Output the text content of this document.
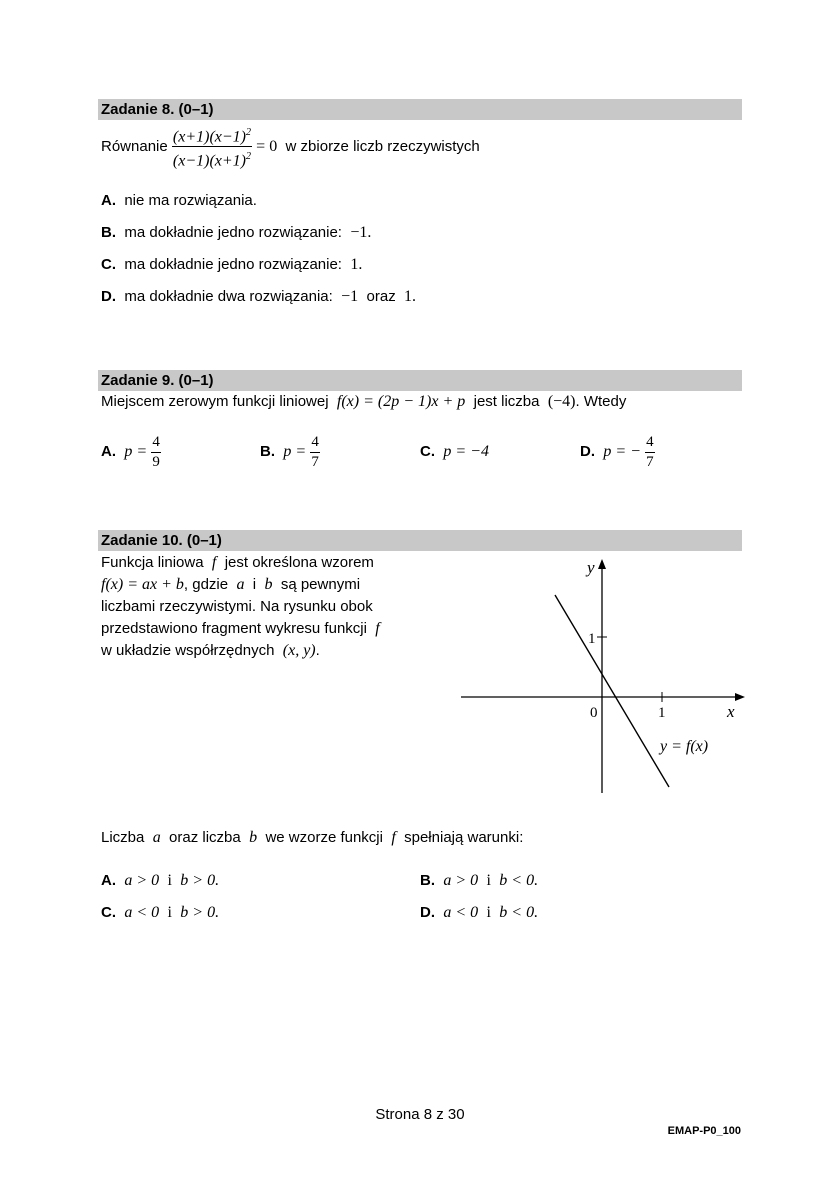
Zadanie 8. (0–1)
Równanie $\frac{(x+1)(x-1)^2}{(x-1)(x+1)^2} = 0$ w zbiorze liczb rzeczywistych
A. nie ma rozwiązania.
B. ma dokładnie jedno rozwiązanie: −1.
C. ma dokładnie jedno rozwiązanie: 1.
D. ma dokładnie dwa rozwiązania: −1 oraz 1.
Zadanie 9. (0–1)
Miejscem zerowym funkcji liniowej f(x) = (2p − 1)x + p jest liczba (−4). Wtedy
A. $p = \frac{4}{9}$	B. $p = \frac{4}{7}$	C. p = −4	D. p = − $\frac{4}{7}$
Zadanie 10. (0–1)
Funkcja liniowa f jest określona wzorem
f(x) = ax + b, gdzie a i b są pewnymi
liczbami rzeczywistymi. Na rysunku obok
przedstawiono fragment wykresu funkcji f
w układzie współrzędnych (x, y).
y
x
0	1
1
y = f(x)
Liczba a oraz liczba b we wzorze funkcji f spełniają warunki:
A. a > 0 i b > 0.	B. a > 0 i b < 0.
C. a < 0 i b > 0.	D. a < 0 i b < 0.
Strona 8 z 30
EMAP-P0_100
